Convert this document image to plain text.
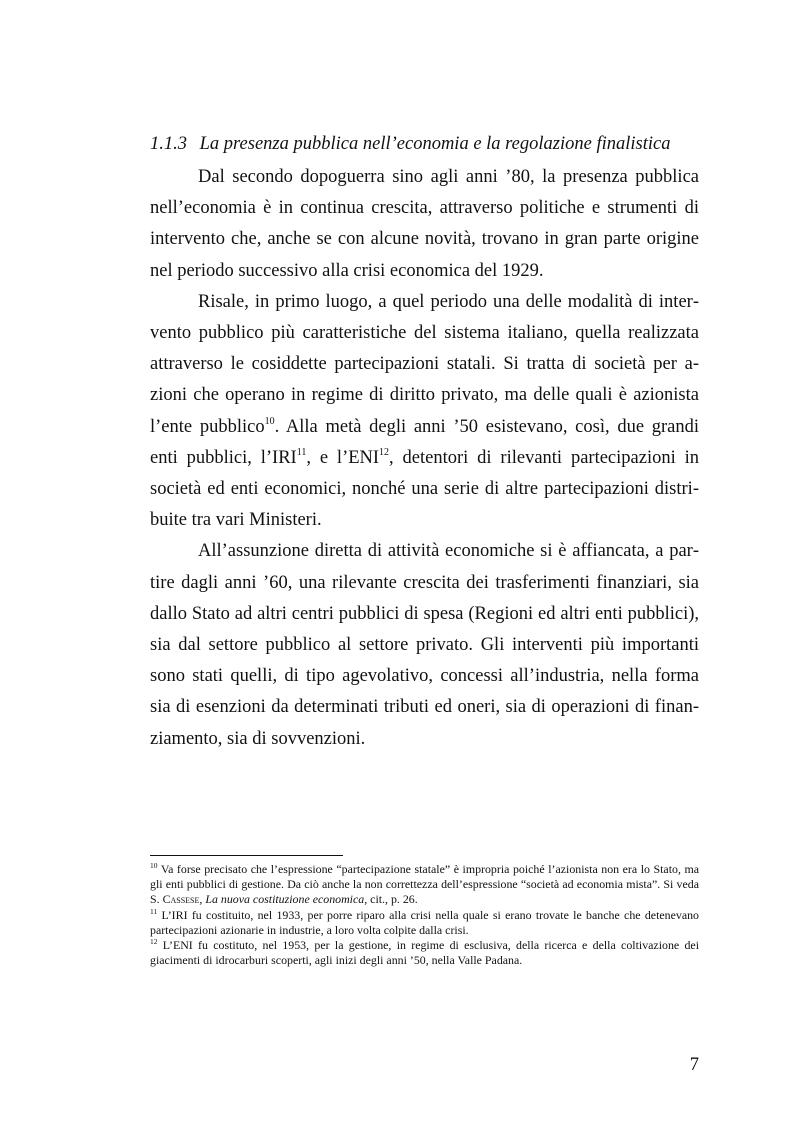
1.1.3 La presenza pubblica nell’economia e la regolazione finalistica

Dal secondo dopoguerra sino agli anni ’80, la presenza pubblica nell’economia è in continua crescita, attraverso politiche e strumenti di intervento che, anche se con alcune novità, trovano in gran parte origine nel periodo successivo alla crisi economica del 1929.

Risale, in primo luogo, a quel periodo una delle modalità di intervento pubblico più caratteristiche del sistema italiano, quella realizzata attraverso le cosiddette partecipazioni statali. Si tratta di società per azioni che operano in regime di diritto privato, ma delle quali è azionista l’ente pubblico$^{10}$. Alla metà degli anni ’50 esistevano, così, due grandi enti pubblici, l’IRI$^{11}$, e l’ENI$^{12}$, detentori di rilevanti partecipazioni in società ed enti economici, nonché una serie di altre partecipazioni distribuite tra vari Ministeri.

All’assunzione diretta di attività economiche si è affiancata, a partire dagli anni ’60, una rilevante crescita dei trasferimenti finanziari, sia dallo Stato ad altri centri pubblici di spesa (Regioni ed altri enti pubblici), sia dal settore pubblico al settore privato. Gli interventi più importanti sono stati quelli, di tipo agevolativo, concessi all’industria, nella forma sia di esenzioni da determinati tributi ed oneri, sia di operazioni di finanziamento, sia di sovvenzioni.

$^{10}$ Va forse precisato che l’espressione “partecipazione statale” è impropria poiché l’azionista non era lo Stato, ma gli enti pubblici di gestione. Da ciò anche la non correttezza dell’espressione “società ad economia mista”. Si veda S. Cassese, La nuova costituzione economica, cit., p. 26.

$^{11}$ L’IRI fu costituito, nel 1933, per porre riparo alla crisi nella quale si erano trovate le banche che detenevano partecipazioni azionarie in industrie, a loro volta colpite dalla crisi.

$^{12}$ L’ENI fu costituto, nel 1953, per la gestione, in regime di esclusiva, della ricerca e della coltivazione dei giacimenti di idrocarburi scoperti, agli inizi degli anni ’50, nella Valle Padana.

7
